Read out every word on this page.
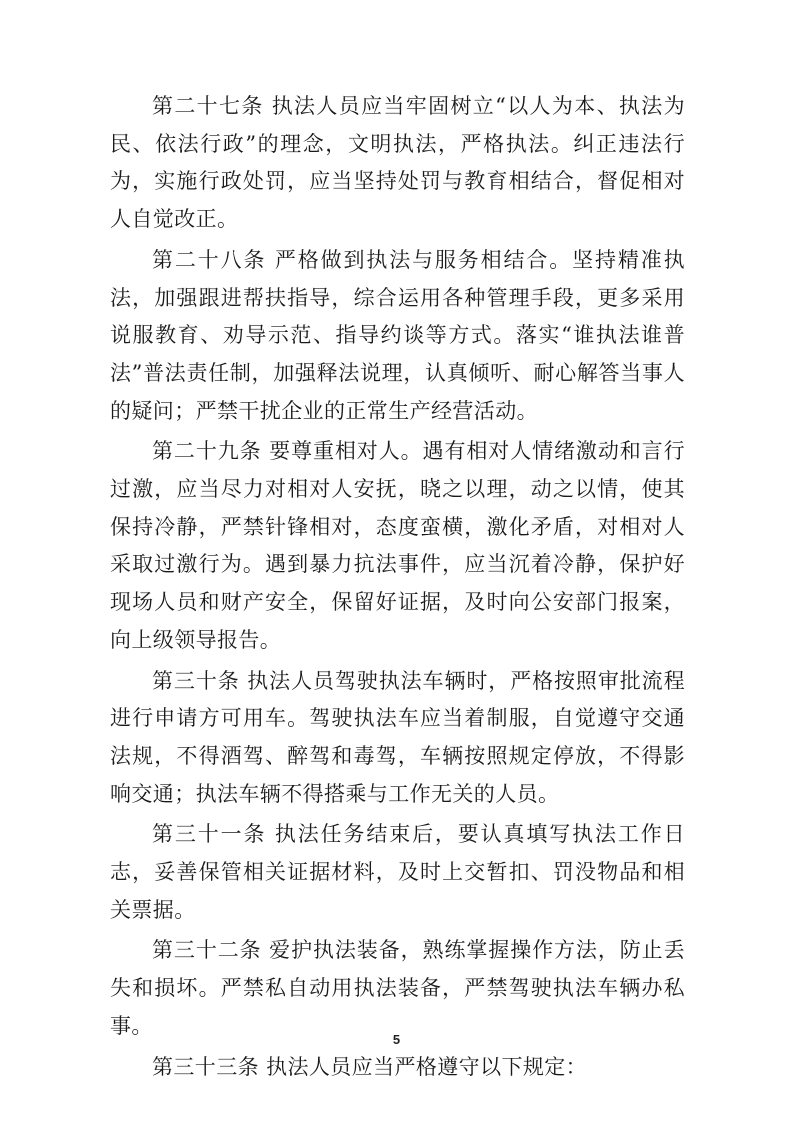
第二十七条 执法人员应当牢固树立“以人为本、执法为民、依法行政”的理念，文明执法，严格执法。纠正违法行为，实施行政处罚，应当坚持处罚与教育相结合，督促相对人自觉改正。

第二十八条 严格做到执法与服务相结合。坚持精准执法，加强跟进帮扶指导，综合运用各种管理手段，更多采用说服教育、劝导示范、指导约谈等方式。落实“谁执法谁普法”普法责任制，加强释法说理，认真倾听、耐心解答当事人的疑问；严禁干扰企业的正常生产经营活动。

第二十九条 要尊重相对人。遇有相对人情绪激动和言行过激，应当尽力对相对人安抚，晓之以理，动之以情，使其保持冷静，严禁针锋相对，态度蛮横，激化矛盾，对相对人采取过激行为。遇到暴力抗法事件，应当沉着冷静，保护好现场人员和财产安全，保留好证据，及时向公安部门报案，向上级领导报告。

第三十条 执法人员驾驶执法车辆时，严格按照审批流程进行申请方可用车。驾驶执法车应当着制服，自觉遵守交通法规，不得酒驾、醉驾和毒驾，车辆按照规定停放，不得影响交通；执法车辆不得搭乘与工作无关的人员。

第三十一条 执法任务结束后，要认真填写执法工作日志，妥善保管相关证据材料，及时上交暂扣、罚没物品和相关票据。

第三十二条 爱护执法装备，熟练掌握操作方法，防止丢失和损坏。严禁私自动用执法装备，严禁驾驶执法车辆办私事。

第三十三条 执法人员应当严格遵守以下规定：

5
